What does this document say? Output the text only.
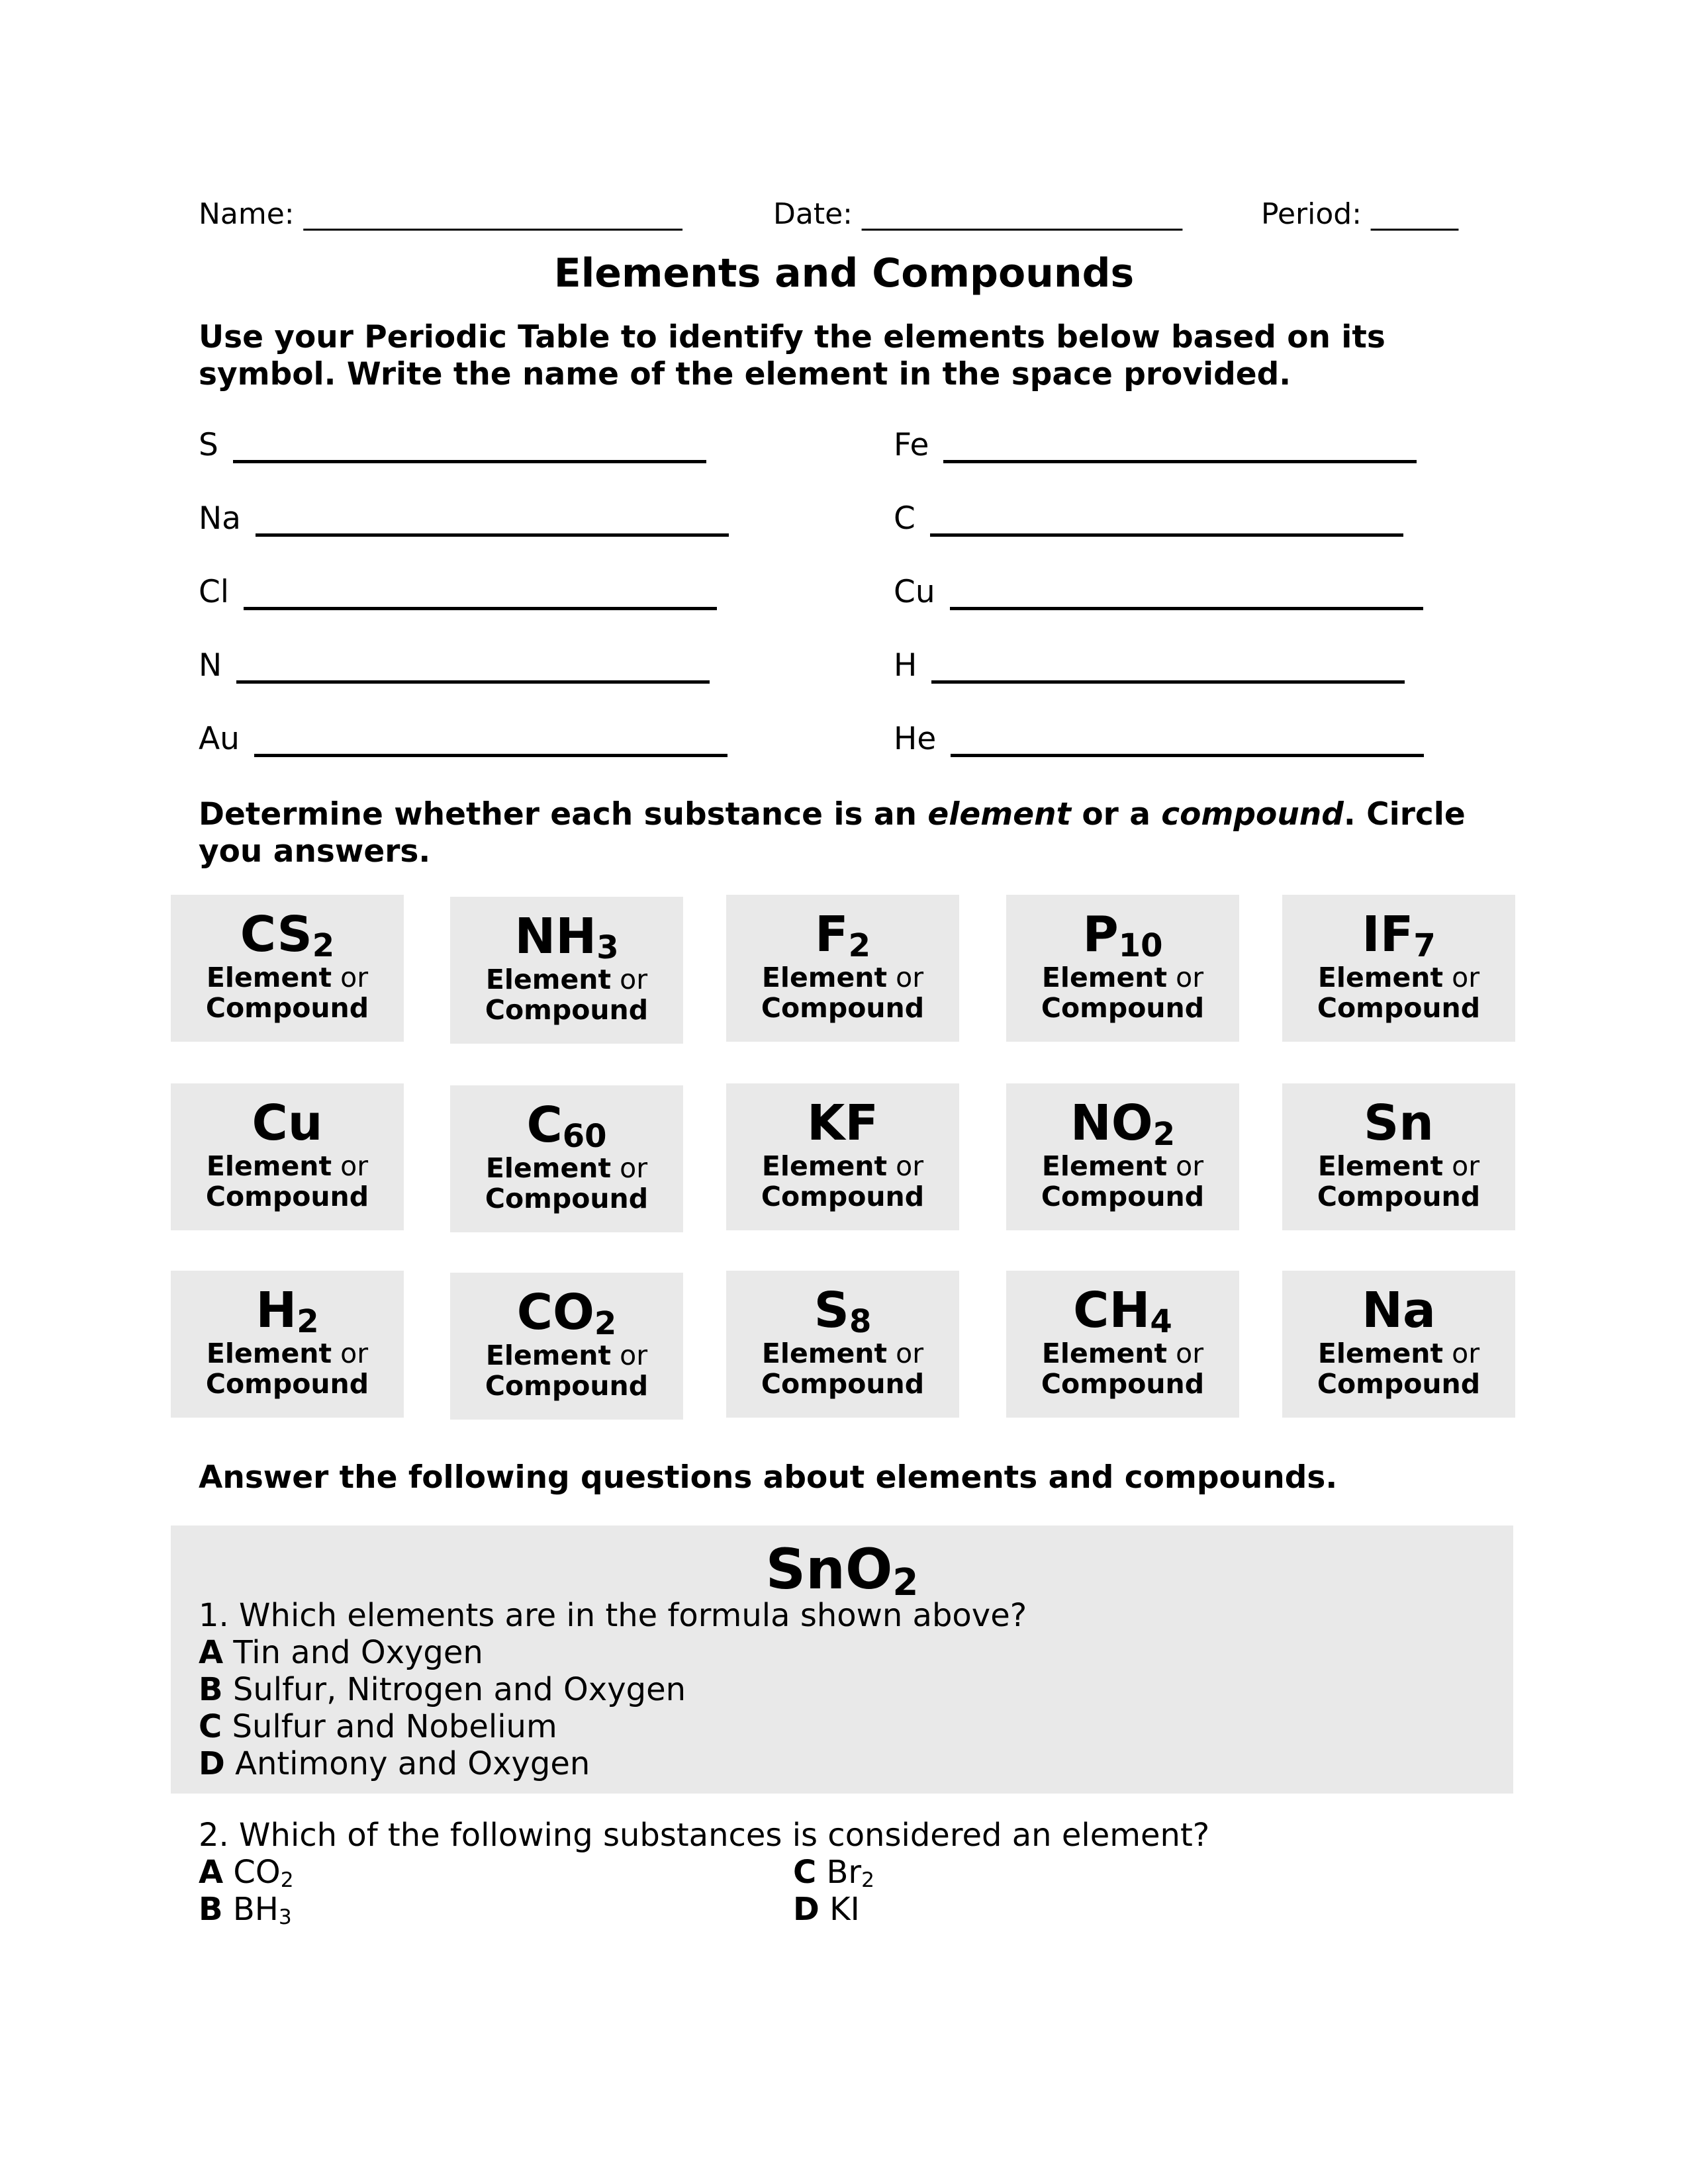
Name: __________________________	Date: ______________________	Period: ______
Elements and Compounds
Use your Periodic Table to identify the elements below based on its symbol. Write the name of the element in the space provided.
S
Na
Cl
N
Au
Fe
C
Cu
H
He
Determine whether each substance is an element or a compound. Circle you answers.
$CS_2$
Element or
Compound
$NH_3$
Element or
Compound
$F_2$
Element or
Compound
$P_{10}$
Element or
Compound
$IF_7$
Element or
Compound
Cu
Element or
Compound
$C_{60}$
Element or
Compound
KF
Element or
Compound
$NO_2$
Element or
Compound
Sn
Element or
Compound
$H_2$
Element or
Compound
$CO_2$
Element or
Compound
$S_8$
Element or
Compound
$CH_4$
Element or
Compound
Na
Element or
Compound
Answer the following questions about elements and compounds.
SnO$_2$
1. Which elements are in the formula shown above?
A Tin and Oxygen
B Sulfur, Nitrogen and Oxygen
C Sulfur and Nobelium
D Antimony and Oxygen
2. Which of the following substances is considered an element?
A $CO_2$
B $BH_3$
C $Br_2$
D KI
